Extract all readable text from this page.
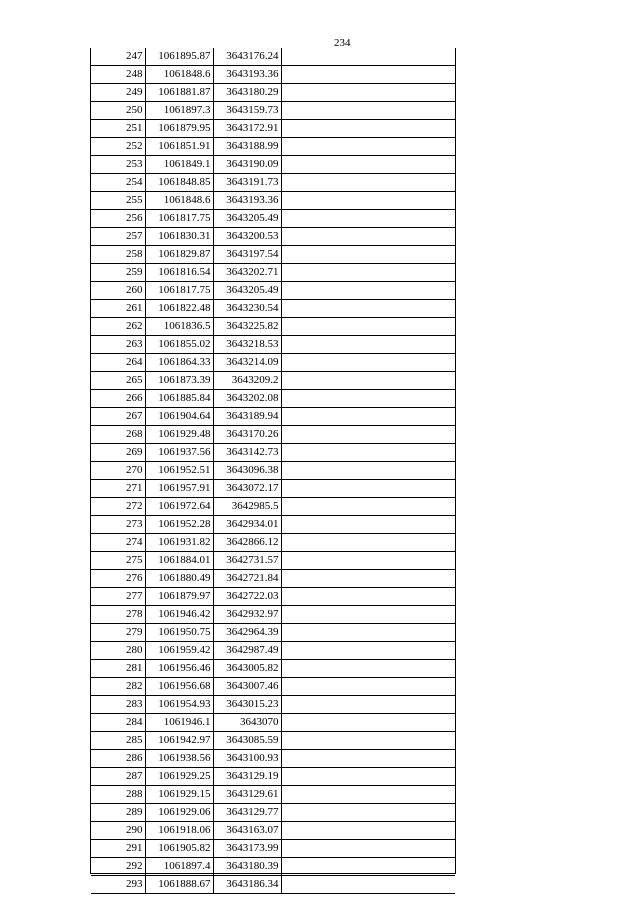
234
247	1061895.87	3643176.24	
248	1061848.6	3643193.36	
249	1061881.87	3643180.29	
250	1061897.3	3643159.73	
251	1061879.95	3643172.91	
252	1061851.91	3643188.99	
253	1061849.1	3643190.09	
254	1061848.85	3643191.73	
255	1061848.6	3643193.36	
256	1061817.75	3643205.49	
257	1061830.31	3643200.53	
258	1061829.87	3643197.54	
259	1061816.54	3643202.71	
260	1061817.75	3643205.49	
261	1061822.48	3643230.54	
262	1061836.5	3643225.82	
263	1061855.02	3643218.53	
264	1061864.33	3643214.09	
265	1061873.39	3643209.2	
266	1061885.84	3643202.08	
267	1061904.64	3643189.94	
268	1061929.48	3643170.26	
269	1061937.56	3643142.73	
270	1061952.51	3643096.38	
271	1061957.91	3643072.17	
272	1061972.64	3642985.5	
273	1061952.28	3642934.01	
274	1061931.82	3642866.12	
275	1061884.01	3642731.57	
276	1061880.49	3642721.84	
277	1061879.97	3642722.03	
278	1061946.42	3642932.97	
279	1061950.75	3642964.39	
280	1061959.42	3642987.49	
281	1061956.46	3643005.82	
282	1061956.68	3643007.46	
283	1061954.93	3643015.23	
284	1061946.1	3643070	
285	1061942.97	3643085.59	
286	1061938.56	3643100.93	
287	1061929.25	3643129.19	
288	1061929.15	3643129.61	
289	1061929.06	3643129.77	
290	1061918.06	3643163.07	
291	1061905.82	3643173.99	
292	1061897.4	3643180.39	
293	1061888.67	3643186.34	
